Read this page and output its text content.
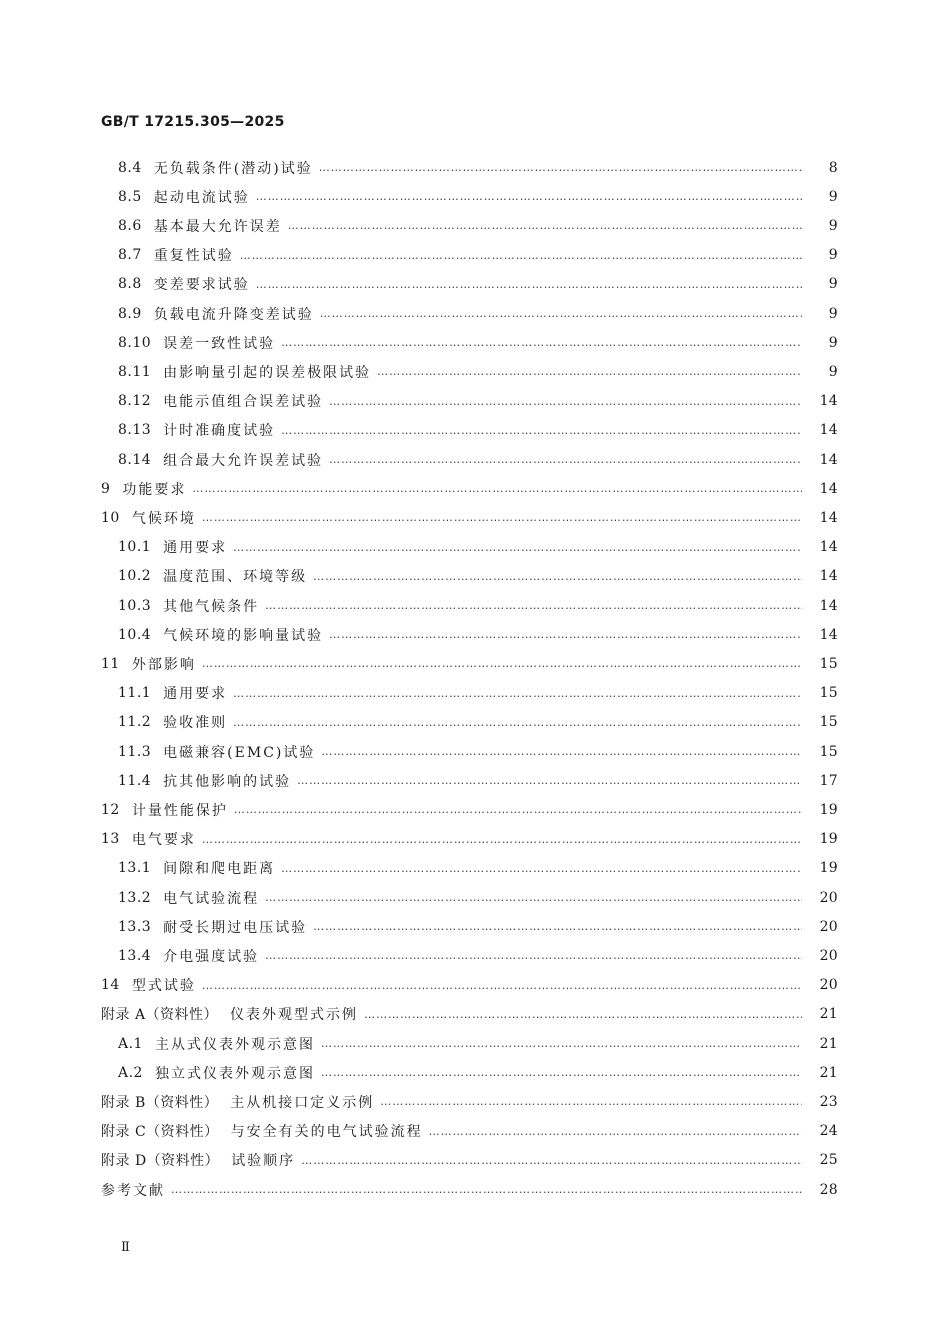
GB/T 17215.305—2025
8.4 无负载条件(潜动)试验 ………………………………………………………………………………………………………………………………………………………………………………………………………………………………	8
8.5 起动电流试验 ………………………………………………………………………………………………………………………………………………………………………………………………………………………………	9
8.6 基本最大允许误差 ………………………………………………………………………………………………………………………………………………………………………………………………………………………………	9
8.7 重复性试验 ………………………………………………………………………………………………………………………………………………………………………………………………………………………………	9
8.8 变差要求试验 ………………………………………………………………………………………………………………………………………………………………………………………………………………………………	9
8.9 负载电流升降变差试验 ………………………………………………………………………………………………………………………………………………………………………………………………………………………………	9
8.10 误差一致性试验 ………………………………………………………………………………………………………………………………………………………………………………………………………………………………	9
8.11 由影响量引起的误差极限试验 ………………………………………………………………………………………………………………………………………………………………………………………………………………………………	9
8.12 电能示值组合误差试验 ………………………………………………………………………………………………………………………………………………………………………………………………………………………………	14
8.13 计时准确度试验 ………………………………………………………………………………………………………………………………………………………………………………………………………………………………	14
8.14 组合最大允许误差试验 ………………………………………………………………………………………………………………………………………………………………………………………………………………………………	14
9 功能要求 ………………………………………………………………………………………………………………………………………………………………………………………………………………………………	14
10 气候环境 ………………………………………………………………………………………………………………………………………………………………………………………………………………………………	14
10.1 通用要求 ………………………………………………………………………………………………………………………………………………………………………………………………………………………………	14
10.2 温度范围、环境等级 ………………………………………………………………………………………………………………………………………………………………………………………………………………………………	14
10.3 其他气候条件 ………………………………………………………………………………………………………………………………………………………………………………………………………………………………	14
10.4 气候环境的影响量试验 ………………………………………………………………………………………………………………………………………………………………………………………………………………………………	14
11 外部影响 ………………………………………………………………………………………………………………………………………………………………………………………………………………………………	15
11.1 通用要求 ………………………………………………………………………………………………………………………………………………………………………………………………………………………………	15
11.2 验收准则 ………………………………………………………………………………………………………………………………………………………………………………………………………………………………	15
11.3 电磁兼容(EMC)试验 ………………………………………………………………………………………………………………………………………………………………………………………………………………………………	15
11.4 抗其他影响的试验 ………………………………………………………………………………………………………………………………………………………………………………………………………………………………	17
12 计量性能保护 ………………………………………………………………………………………………………………………………………………………………………………………………………………………………	19
13 电气要求 ………………………………………………………………………………………………………………………………………………………………………………………………………………………………	19
13.1 间隙和爬电距离 ………………………………………………………………………………………………………………………………………………………………………………………………………………………………	19
13.2 电气试验流程 ………………………………………………………………………………………………………………………………………………………………………………………………………………………………	20
13.3 耐受长期过电压试验 ………………………………………………………………………………………………………………………………………………………………………………………………………………………………	20
13.4 介电强度试验 ………………………………………………………………………………………………………………………………………………………………………………………………………………………………	20
14 型式试验 ………………………………………………………………………………………………………………………………………………………………………………………………………………………………	20
附录 A（资料性） 仪表外观型式示例 ………………………………………………………………………………………………………………………………………………………………………………………………………………………………	21
A.1 主从式仪表外观示意图 ………………………………………………………………………………………………………………………………………………………………………………………………………………………………	21
A.2 独立式仪表外观示意图 ………………………………………………………………………………………………………………………………………………………………………………………………………………………………	21
附录 B（资料性） 主从机接口定义示例 ………………………………………………………………………………………………………………………………………………………………………………………………………………………………	23
附录 C（资料性） 与安全有关的电气试验流程 ………………………………………………………………………………………………………………………………………………………………………………………………………………………………	24
附录 D（资料性） 试验顺序 ………………………………………………………………………………………………………………………………………………………………………………………………………………………………	25
参考文献 ………………………………………………………………………………………………………………………………………………………………………………………………………………………………	28
Ⅱ
